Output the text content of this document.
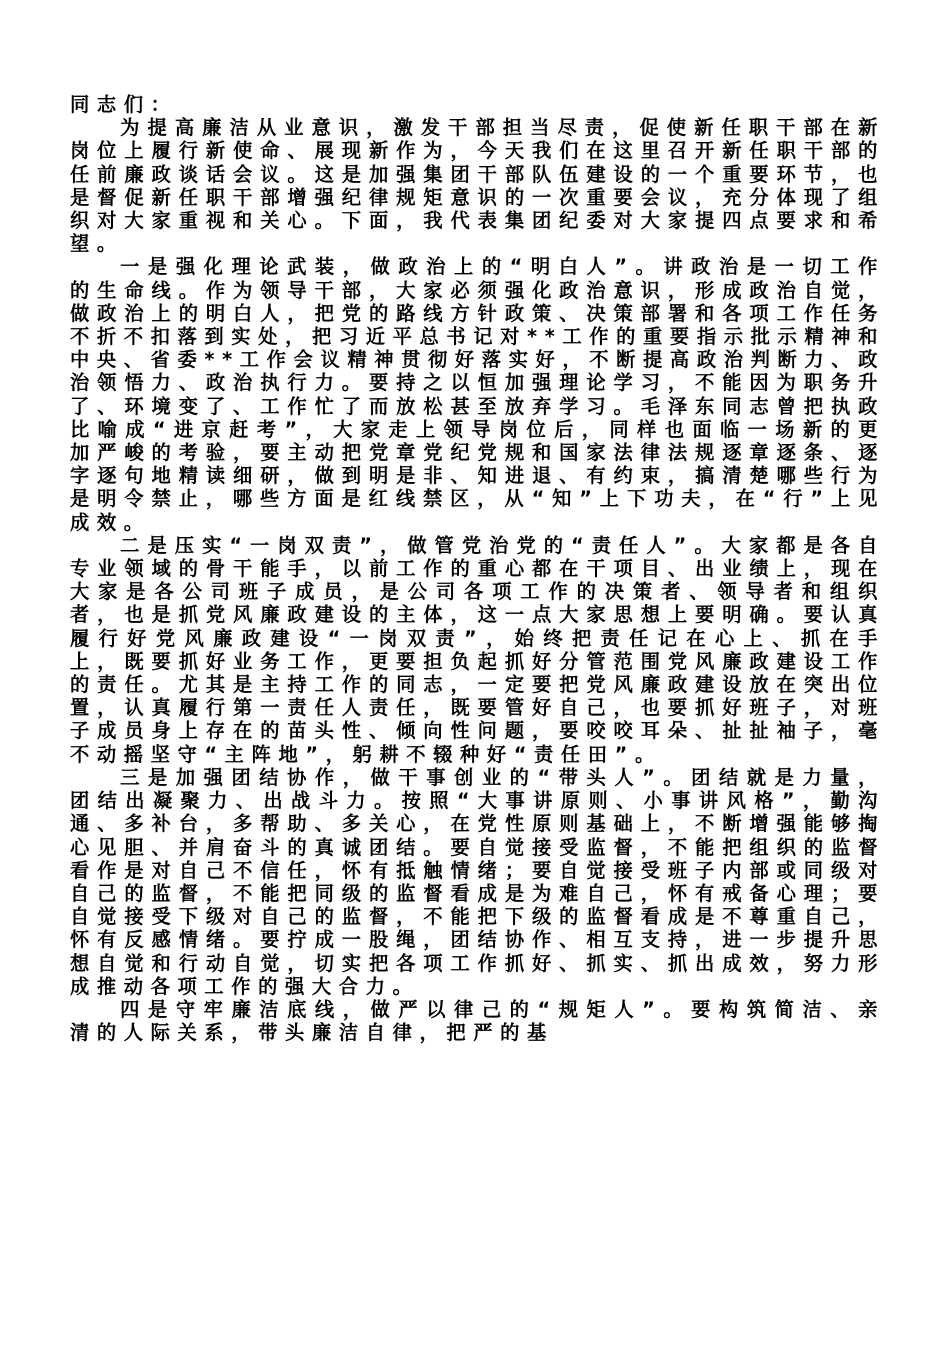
同志们：

为提高廉洁从业意识，激发干部担当尽责，促使新任职干部在新岗位上履行新使命、展现新作为，今天我们在这里召开新任职干部的任前廉政谈话会议。这是加强集团干部队伍建设的一个重要环节，也是督促新任职干部增强纪律规矩意识的一次重要会议，充分体现了组织对大家重视和关心。下面，我代表集团纪委对大家提四点要求和希望。

一是强化理论武装，做政治上的“明白人”。讲政治是一切工作的生命线。作为领导干部，大家必须强化政治意识，形成政治自觉，做政治上的明白人，把党的路线方针政策、决策部署和各项工作任务不折不扣落到实处，把习近平总书记对**工作的重要指示批示精神和中央、省委**工作会议精神贯彻好落实好，不断提高政治判断力、政治领悟力、政治执行力。要持之以恒加强理论学习，不能因为职务升了、环境变了、工作忙了而放松甚至放弃学习。毛泽东同志曾把执政比喻成“进京赶考”，大家走上领导岗位后，同样也面临一场新的更加严峻的考验，要主动把党章党纪党规和国家法律法规逐章逐条、逐字逐句地精读细研，做到明是非、知进退、有约束，搞清楚哪些行为是明令禁止，哪些方面是红线禁区，从“知”上下功夫，在“行”上见成效。

二是压实“一岗双责”，做管党治党的“责任人”。大家都是各自专业领域的骨干能手，以前工作的重心都在干项目、出业绩上，现在大家是各公司班子成员，是公司各项工作的决策者、领导者和组织者，也是抓党风廉政建设的主体，这一点大家思想上要明确。要认真履行好党风廉政建设“一岗双责”，始终把责任记在心上、抓在手上，既要抓好业务工作，更要担负起抓好分管范围党风廉政建设工作的责任。尤其是主持工作的同志，一定要把党风廉政建设放在突出位置，认真履行第一责任人责任，既要管好自己，也要抓好班子，对班子成员身上存在的苗头性、倾向性问题，要咬咬耳朵、扯扯袖子，毫不动摇坚守“主阵地”，躬耕不辍种好“责任田”。

三是加强团结协作，做干事创业的“带头人”。团结就是力量，团结出凝聚力、出战斗力。按照“大事讲原则、小事讲风格”，勤沟通、多补台，多帮助、多关心，在党性原则基础上，不断增强能够掏心见胆、并肩奋斗的真诚团结。要自觉接受监督，不能把组织的监督看作是对自己不信任，怀有抵触情绪；要自觉接受班子内部或同级对自己的监督，不能把同级的监督看成是为难自己，怀有戒备心理；要自觉接受下级对自己的监督，不能把下级的监督看成是不尊重自己，怀有反感情绪。要拧成一股绳，团结协作、相互支持，进一步提升思想自觉和行动自觉，切实把各项工作抓好、抓实、抓出成效，努力形成推动各项工作的强大合力。

四是守牢廉洁底线，做严以律己的“规矩人”。要构筑简洁、亲清的人际关系，带头廉洁自律，把严的基
